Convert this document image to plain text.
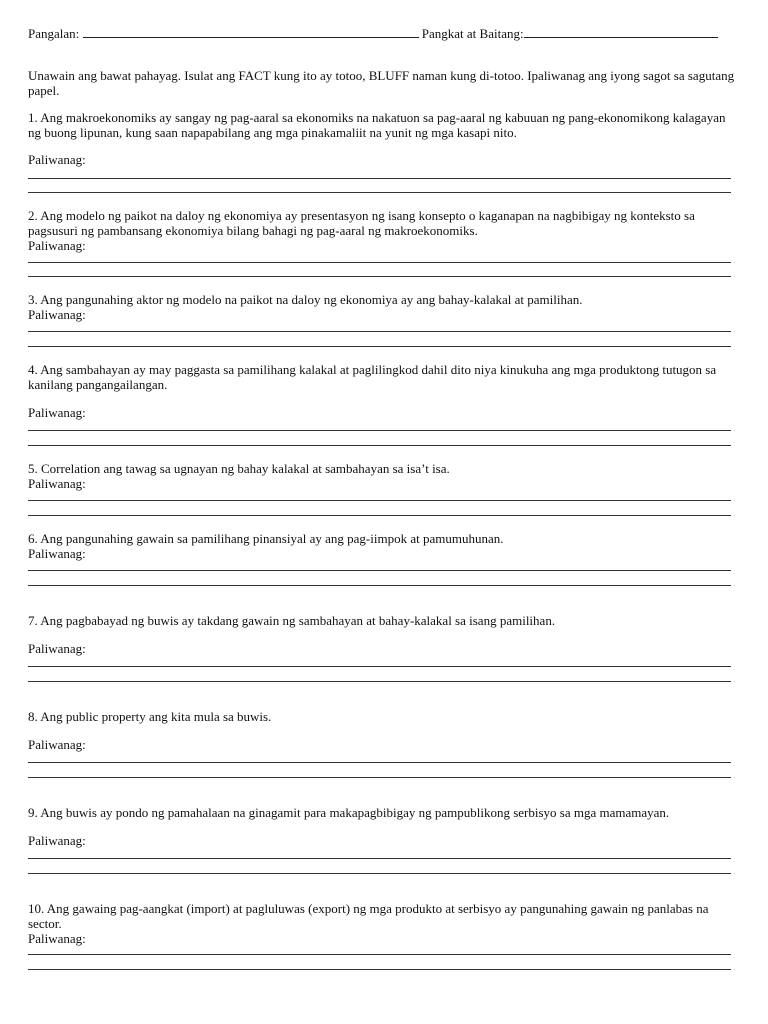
Pangalan:	Pangkat at Baitang:
Unawain ang bawat pahayag. Isulat ang FACT kung ito ay totoo, BLUFF naman kung di-totoo. Ipaliwanag ang iyong sagot sa sagutang papel.
1. Ang makroekonomiks ay sangay ng pag-aaral sa ekonomiks na nakatuon sa pag-aaral ng kabuuan ng pang-ekonomikong kalagayan ng buong lipunan, kung saan napapabilang ang mga pinakamaliit na yunit ng mga kasapi nito.
Paliwanag:
2. Ang modelo ng paikot na daloy ng ekonomiya ay presentasyon ng isang konsepto o kaganapan na nagbibigay ng konteksto sa pagsusuri ng pambansang ekonomiya bilang bahagi ng pag-aaral ng makroekonomiks.
Paliwanag:
3. Ang pangunahing aktor ng modelo na paikot na daloy ng ekonomiya ay ang bahay-kalakal at pamilihan.
Paliwanag:
4. Ang sambahayan ay may paggasta sa pamilihang kalakal at paglilingkod dahil dito niya kinukuha ang mga produktong tutugon sa kanilang pangangailangan.
Paliwanag:
5. Correlation ang tawag sa ugnayan ng bahay kalakal at sambahayan sa isa’t isa.
Paliwanag:
6. Ang pangunahing gawain sa pamilihang pinansiyal ay ang pag-iimpok at pamumuhunan.
Paliwanag:
7. Ang pagbabayad ng buwis ay takdang gawain ng sambahayan at bahay-kalakal sa isang pamilihan.
Paliwanag:
8. Ang public property ang kita mula sa buwis.
Paliwanag:
9. Ang buwis ay pondo ng pamahalaan na ginagamit para makapagbibigay ng pampublikong serbisyo sa mga mamamayan.
Paliwanag:
10. Ang gawaing pag-aangkat (import) at pagluluwas (export) ng mga produkto at serbisyo ay pangunahing gawain ng panlabas na sector.
Paliwanag:
